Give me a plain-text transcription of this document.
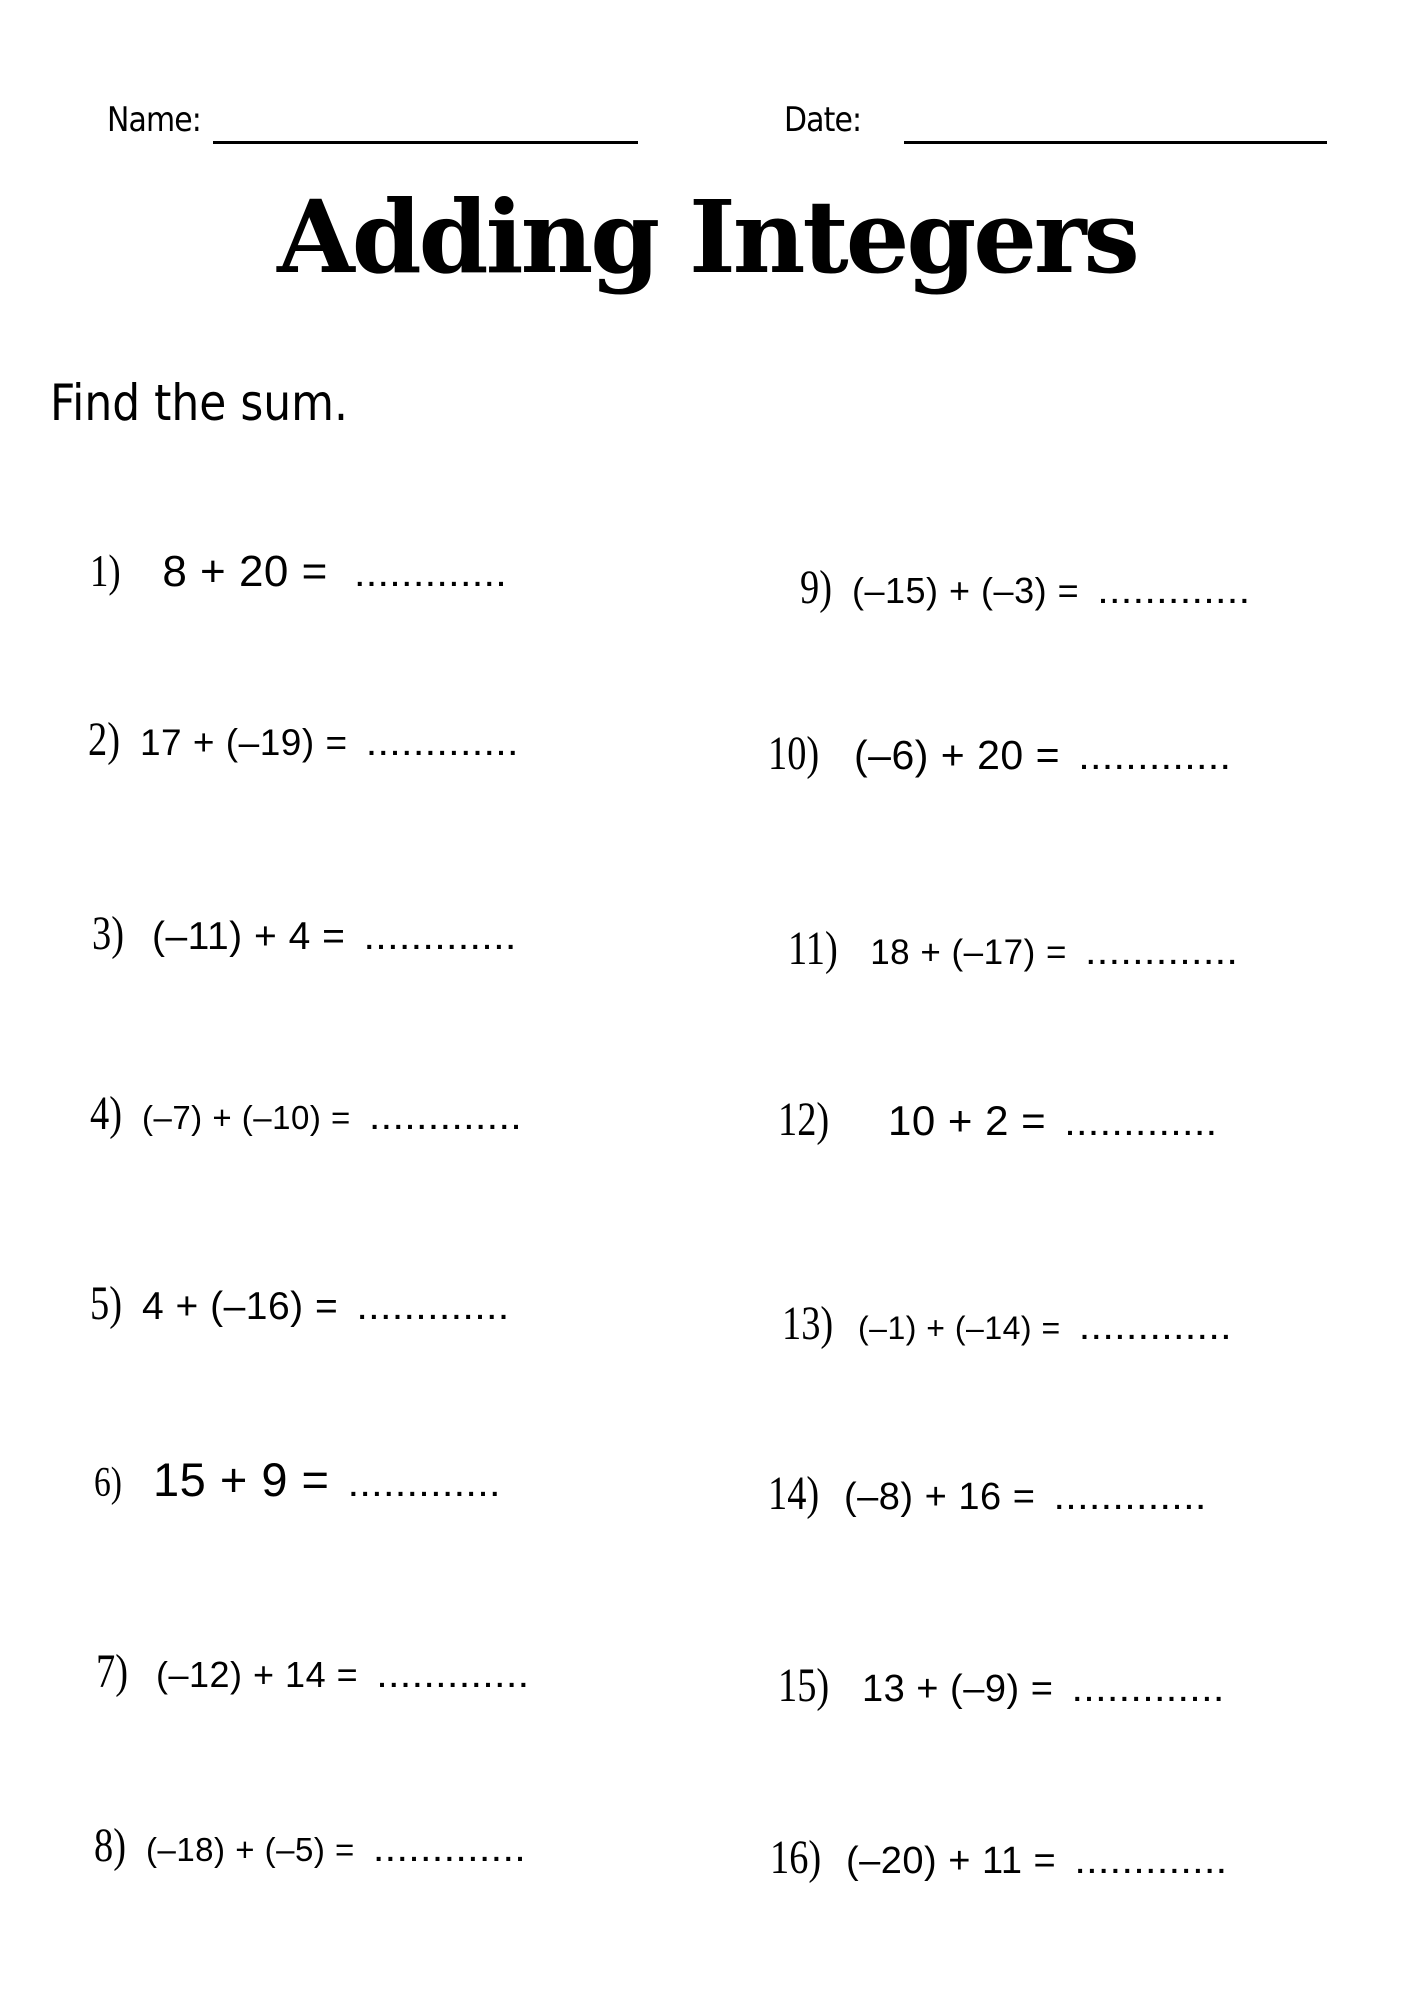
Name:	Date:
Adding Integers
Find the sum.
1) 8 + 20 = .............
2) 17 + (–19) = .............
3) (–11) + 4 = .............
4) (–7) + (–10) = .............
5) 4 + (–16) = .............
6) 15 + 9 = .............
7) (–12) + 14 = .............
8) (–18) + (–5) = .............
9) (–15) + (–3) = .............
10) (–6) + 20 = .............
11) 18 + (–17) = .............
12) 10 + 2 = .............
13) (–1) + (–14) = .............
14) (–8) + 16 = .............
15) 13 + (–9) = .............
16) (–20) + 11 = .............
